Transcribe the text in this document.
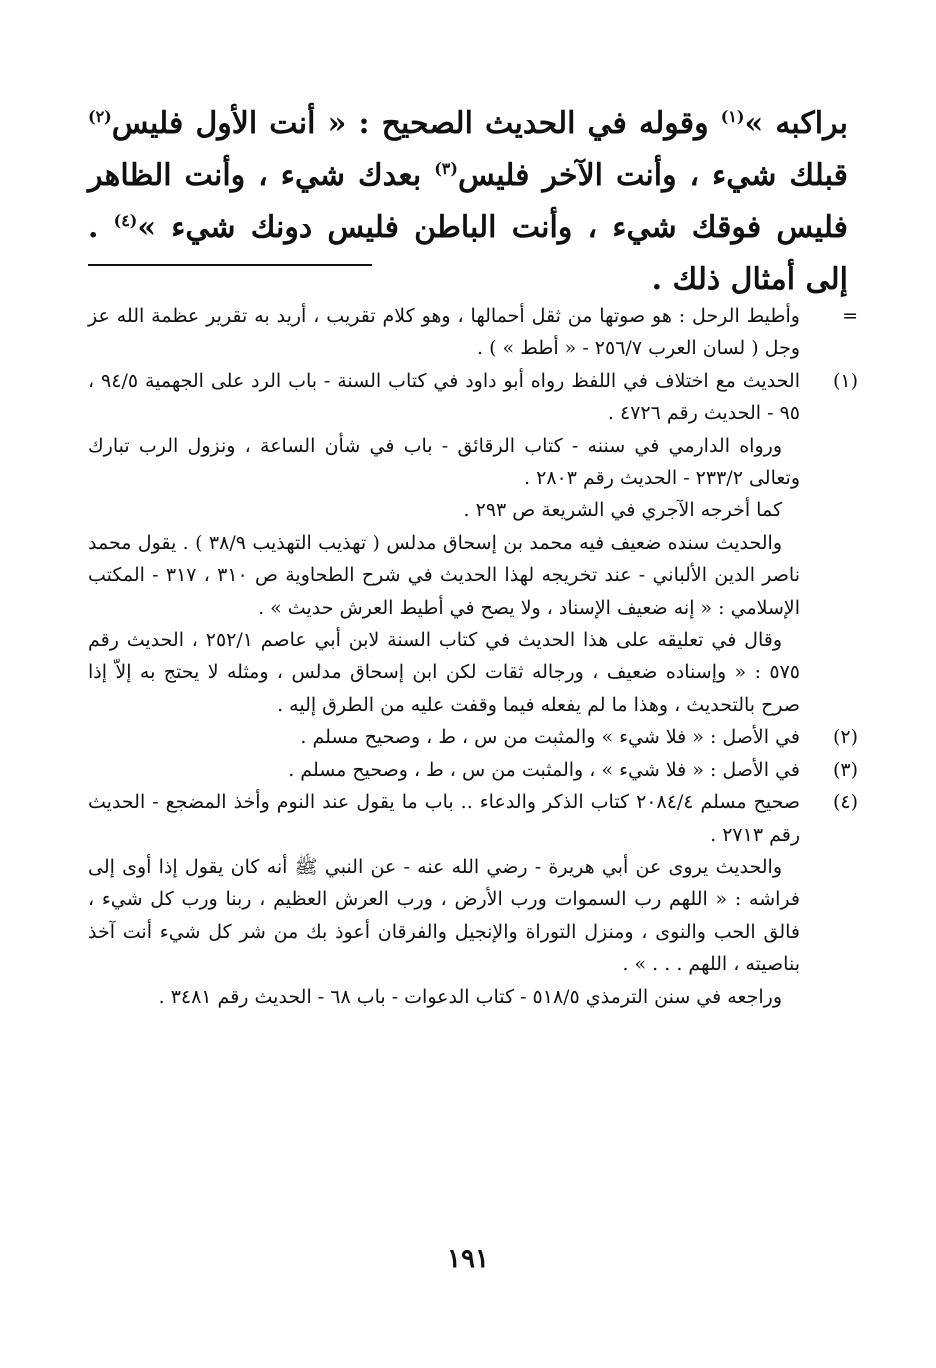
براكبه »$^{(١)}$ وقوله في الحديث الصحيح : « أنت الأول فليس$^{(٢)}$ قبلك شيء ، وأنت الآخر فليس$^{(٣)}$ بعدك شيء ، وأنت الظاهر فليس فوقك شيء ، وأنت الباطن فليس دونك شيء »$^{(٤)}$ . إلى أمثال ذلك .

=
وأطيط الرحل : هو صوتها من ثقل أحمالها ، وهو كلام تقريب ، أريد به تقرير عظمة الله عز وجل ( لسان العرب ٢٥٦/٧ - « أطط » ) .
(١)
الحديث مع اختلاف في اللفظ رواه أبو داود في كتاب السنة - باب الرد على الجهمية ٩٤/٥ ، ٩٥ - الحديث رقم ٤٧٢٦ .

ورواه الدارمي في سننه - كتاب الرقائق - باب في شأن الساعة ، ونزول الرب تبارك وتعالى ٢٣٣/٢ - الحديث رقم ٢٨٠٣ .

كما أخرجه الآجري في الشريعة ص ٢٩٣ .

والحديث سنده ضعيف فيه محمد بن إسحاق مدلس ( تهذيب التهذيب ٣٨/٩ ) . يقول محمد ناصر الدين الألباني - عند تخريجه لهذا الحديث في شرح الطحاوية ص ٣١٠ ، ٣١٧ - المكتب الإسلامي : « إنه ضعيف الإسناد ، ولا يصح في أطيط العرش حديث » .

وقال في تعليقه على هذا الحديث في كتاب السنة لابن أبي عاصم ٢٥٢/١ ، الحديث رقم ٥٧٥ : « وإسناده ضعيف ، ورجاله ثقات لكن ابن إسحاق مدلس ، ومثله لا يحتج به إلاّ إذا صرح بالتحديث ، وهذا ما لم يفعله فيما وقفت عليه من الطرق إليه .

(٢)
في الأصل : « فلا شيء » والمثبت من س ، ط ، وصحيح مسلم .
(٣)
في الأصل : « فلا شيء » ، والمثبت من س ، ط ، وصحيح مسلم .
(٤)
صحيح مسلم ٢٠٨٤/٤ كتاب الذكر والدعاء .. باب ما يقول عند النوم وأخذ المضجع - الحديث رقم ٢٧١٣ .

والحديث يروى عن أبي هريرة - رضي الله عنه - عن النبي ﷺ أنه كان يقول إذا أوى إلى فراشه : « اللهم رب السموات ورب الأرض ، ورب العرش العظيم ، ربنا ورب كل شيء ، فالق الحب والنوى ، ومنزل التوراة والإنجيل والفرقان أعوذ بك من شر كل شيء أنت آخذ بناصيته ، اللهم . . . » .

وراجعه في سنن الترمذي ٥١٨/٥ - كتاب الدعوات - باب ٦٨ - الحديث رقم ٣٤٨١ .

١٩١
